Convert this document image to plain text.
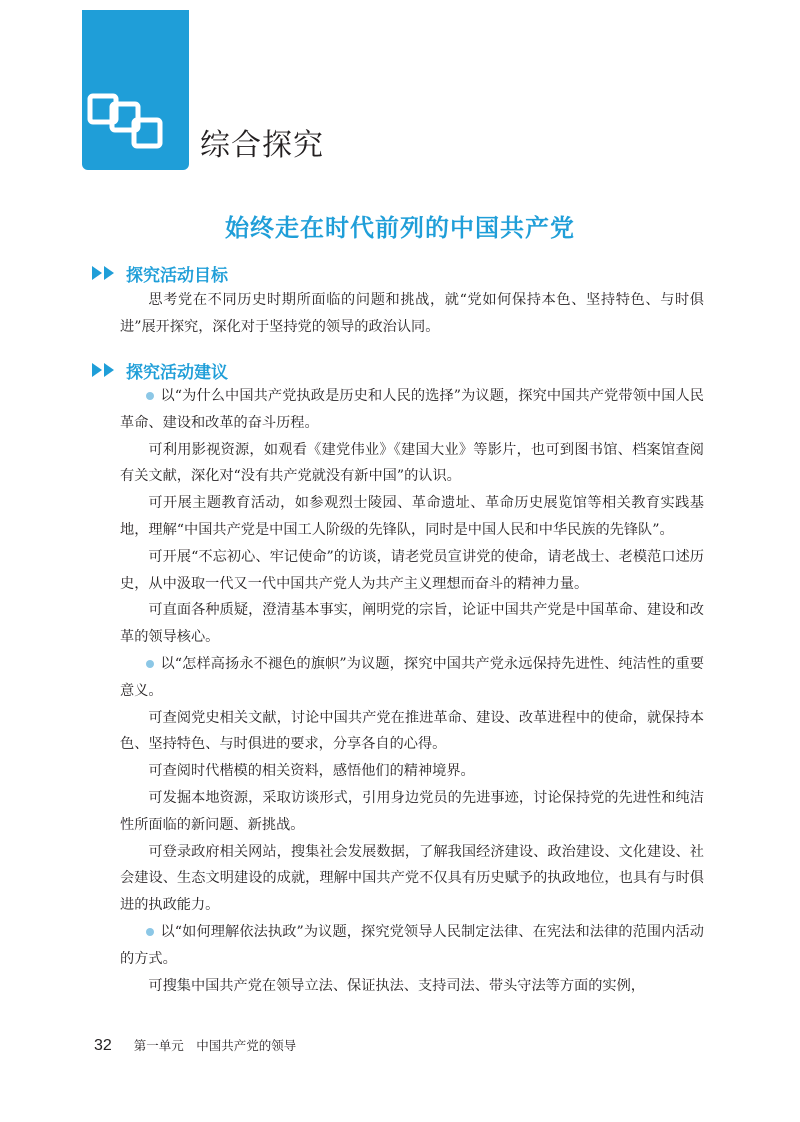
综合探究
始终走在时代前列的中国共产党
探究活动目标

思考党在不同历史时期所面临的问题和挑战，就“党如何保持本色、坚持特色、与时俱进”展开探究，深化对于坚持党的领导的政治认同。

探究活动建议

以“为什么中国共产党执政是历史和人民的选择”为议题，探究中国共产党带领中国人民革命、建设和改革的奋斗历程。

可利用影视资源，如观看《建党伟业》《建国大业》等影片，也可到图书馆、档案馆查阅有关文献，深化对“没有共产党就没有新中国”的认识。

可开展主题教育活动，如参观烈士陵园、革命遗址、革命历史展览馆等相关教育实践基地，理解“中国共产党是中国工人阶级的先锋队，同时是中国人民和中华民族的先锋队”。

可开展“不忘初心、牢记使命”的访谈，请老党员宣讲党的使命，请老战士、老模范口述历史，从中汲取一代又一代中国共产党人为共产主义理想而奋斗的精神力量。

可直面各种质疑，澄清基本事实，阐明党的宗旨，论证中国共产党是中国革命、建设和改革的领导核心。

以“怎样高扬永不褪色的旗帜”为议题，探究中国共产党永远保持先进性、纯洁性的重要意义。

可查阅党史相关文献，讨论中国共产党在推进革命、建设、改革进程中的使命，就保持本色、坚持特色、与时俱进的要求，分享各自的心得。

可查阅时代楷模的相关资料，感悟他们的精神境界。

可发掘本地资源，采取访谈形式，引用身边党员的先进事迹，讨论保持党的先进性和纯洁性所面临的新问题、新挑战。

可登录政府相关网站，搜集社会发展数据，了解我国经济建设、政治建设、文化建设、社会建设、生态文明建设的成就，理解中国共产党不仅具有历史赋予的执政地位，也具有与时俱进的执政能力。

以“如何理解依法执政”为议题，探究党领导人民制定法律、在宪法和法律的范围内活动的方式。

可搜集中国共产党在领导立法、保证执法、支持司法、带头守法等方面的实例，

32 第一单元　中国共产党的领导
